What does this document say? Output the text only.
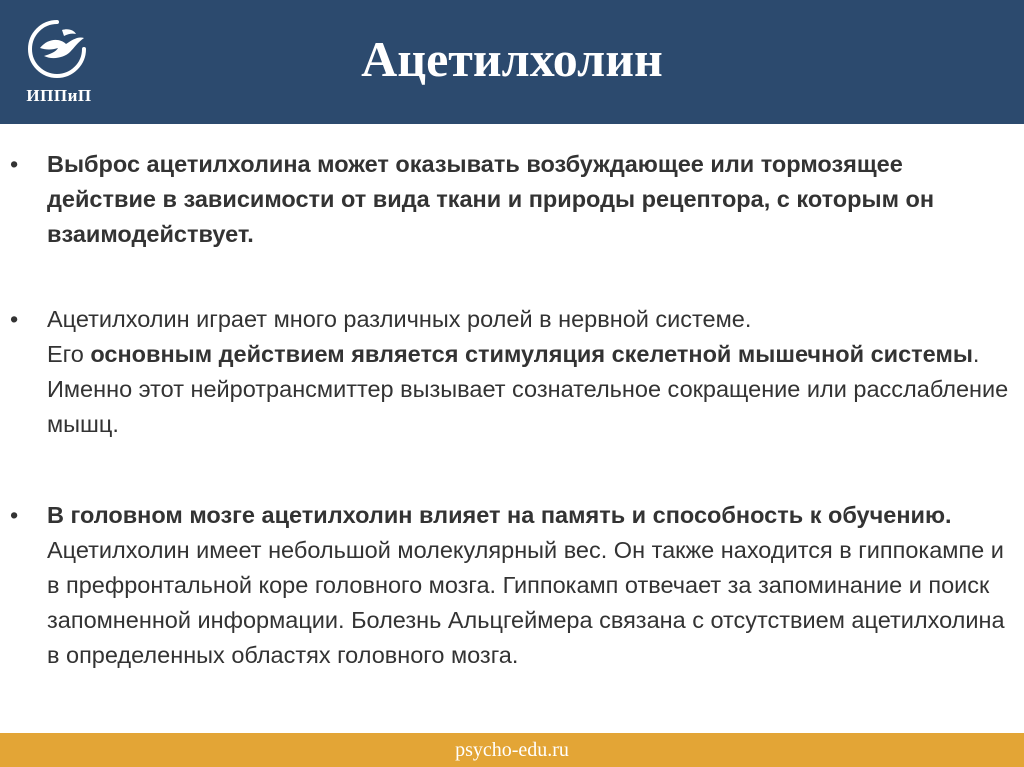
ИППиП
Ацетилхолин
•	Выброс ацетилхолина может оказывать возбуждающее или тормозящее действие в зависимости от вида ткани и природы рецептора, с которым он взаимодействует.
•	Ацетилхолин играет много различных ролей в нервной системе.
Его основным действием является стимуляция скелетной мышечной системы. Именно этот нейротрансмиттер вызывает сознательное сокращение или расслабление мышц.
•	В головном мозге ацетилхолин влияет на память и способность к обучению. Ацетилхолин имеет небольшой молекулярный вес. Он также находится в гиппокампе и в префронтальной коре головного мозга. Гиппокамп отвечает за запоминание и поиск запомненной информации. Болезнь Альцгеймера связана с отсутствием ацетилхолина в определенных областях головного мозга.
psycho-edu.ru
